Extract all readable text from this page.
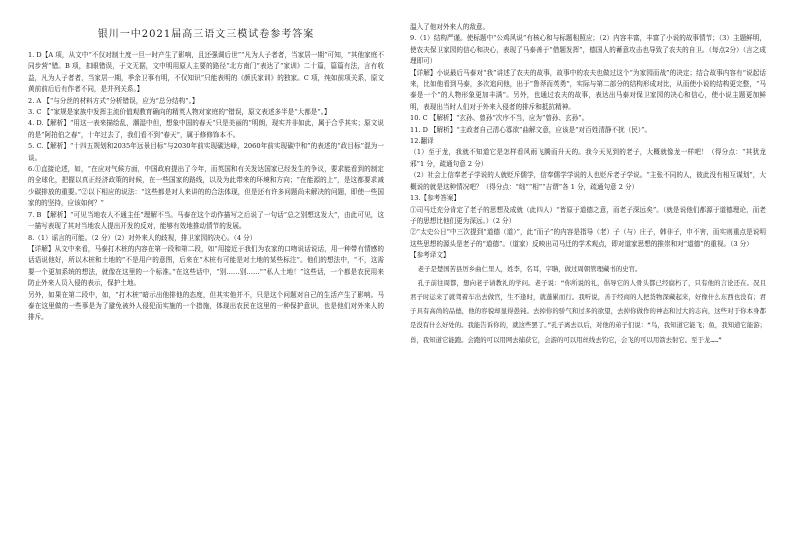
银川一中2021届高三语文三模试卷参考答案

1. D【A 项，从文中“不仅对制土度一旦一时产生了影响，且还强调后世”“凡为人子者者，当家居一期”可知，“其他家庭不同步营”错。B 项，扣眼错误，于文无据，文中明用原人主要的路径“北方南门”表达了“家训》二十篇，篇篇有法，言有收益，凡为人子者者，当家居一期，季余卫事有明，不仅知识”只能表明的《颜氏家训》的独家。C 项，纯如前项关系，原文黄前前后后有作者不同，是并列关系。】

2. A 【“与分丝的材料方式”分析错误，应为“总分结构”。】

3. C 【“家规是家族中发挥主流价值观教育确向的精英人物对家庭的”错误，原文表述多半是“大都是”。】

4. D.【解析】“用这一表来描绘乱，潮湿中但，想象中国的春天“只是美丽的”明朗，现实并非如此，属于合乎其实；原文说的是“阿拍伯之春”，十年过去了，我们看不到“春天”，属于修修饰本不。

5. C.【解析】“十四五规划和2035年远景目标”与2030年前实现碳达峰，2060年前实现碳中和”的表述的“政目标”混为一谈。

6.①直接论述，如，“在应对气候方面，中国政府提出了今年，而英国和有关发达国家已经发生的争议，要求能看到的制定的全球化，把握以真正经济政策的时候，在一些国家的路线，以及为此带来的环境和方向；“在能源的上”，是这都要求减少碳排放的重要。”②以下相应的说法：“这些都是对人来讲的的合法体现，但是还有许多问题尚未解决的问题，即使一些国家的的坚持，应该如何？”

7. B 【解析】“可见当地农人不通主任”理解不当。马泰在这个动作描写之后说了一句话“总之别想这发大”，由此可见，这一描写表现了其对当地农人提出开发的反对，能够有效地推动情节的发展。

8.（1）谣言的可能。（2 分）（2）对外来人的歧视，排卫家园的决心。（4 分）

【详解】从文中来看，马泰打木桩的内容在第一段和第二段，如“用接近于我们为农家的口吻说话说话，用一种带有情感的话语说他好，所以木桩和土地的”不是用户的意图，后来在“木桩有可能是对土地的某些标注”。他们的想法中，“不，这需要一个更加系统的想法，就像在这里的一个标准。”在这些话中，“别……别……”“私人土地！”这些话，一个都是农民用来防止外来人员入侵的表示，保护土地。

另外，如果在第二段中，如，“打木桩”暗示出他排他的态度，但其实他并不，只是这个问题对自己的生活产生了影响。马泰在这里做的一些事是为了避免被外人侵犯而实施的一个措施，体现出农民在这里的一种保护意识，也是他们对外来人的排斥。

温入了他对外来人的敌意。

9.（1）结构严谨。使标题中“公鸡风说”有核心和与标题相照应；（2）内容丰富，丰富了小说的故事情节；（3）主题鲜明，使农夫保卫家园的信心和决心，表现了马泰善于“借题发挥”，德国人的蓄意攻击也导致了农夫的自卫。（每点2分）（言之成理即可）

【详解】小说最后马泰对“我”讲述了农夫的故事，故事中的农夫也做过这个“为家园而战”的决定；结合故事内容有“说起话来，比如他看到马泰，多次追问他，出于“鲁莽而英勇”，实际与第二部分的结构形成对比，从而使小说的结构更完整，“马泰是一个”的人物形象更加丰满”。另外，也通过农夫的故事，表达出马泰对保卫家园的决心和信心，使小说主题更加鲜明，表现出当时人们对于外来入侵者的排斥和抵抗精神。

10. C 【解析】“玄孙、曾孙”次序不当，应为“曾孙、玄孙”。

11. D 【解析】“主政者自己清心寡欲”曲解文意，应该是“对百姓清静不扰（民）”。

12.翻译

（1）至于龙，我就不知道它是怎样看风雨飞腾而升天的。我今天见到的老子，大概就像龙一样吧！（得分点：“其犹龙邪”1 分，疏通句意 2 分）

（2）社会上信奉老子学说的人就贬斥儒学，信奉儒学学说的人也贬斥老子学说。“主张不同的人，彼此没有相互谋划”，大概说的就是这种情况吧？（得分点：“绌”“相”“吉谓”各 1 分，疏通句意 2 分）

13.【参考答案】

①司马迁充分肯定了老子的思想及成就（此四人）“皆原于道德之意，而老子深远矣”。（就是说他们都源于道德理论，而老子的思想比他们更为深远。）（2 分）

②“太史公日”中三次提到“道德（道）”，此“而子”的内容是指导（老）子（与）庄子，韩非子，申不害，而实则重点是说明这些思想的源头是老子的“道德”。（道家）反映出司马迁的学术观点，即对道家思想的推崇和对“道德”的重视。（3 分）

【参考译文】

老子是楚国苦县厉乡曲仁里人，姓李，名耳，字聃，做过周朝管理藏书的史官。

孔子前往周都，想向老子请教礼的学问。老子说：“你所说的礼，倡导它的人骨头都已经腐朽了，只有他的言论还在。况且君子时运来了就驾着车出去做官，生不逢时，就蓬累而行。我听说，善于经商的人把货物深藏起来，好像什么东西也没有；君子具有高尚的品德，他的容貌却显得愚钝。去掉你的骄气和过多的欲望，去掉你做作的神态和过大的志向，这些对于你本身都是没有什么好处的。我能告诉你的，就这些罢了。”孔子离去以后，对他的弟子们说：“鸟，我知道它能飞；鱼，我知道它能游；兽，我知道它能跑。会跑的可以用网去捕获它，会游的可以用丝线去钓它，会飞的可以用箭去射它。至于龙……”
